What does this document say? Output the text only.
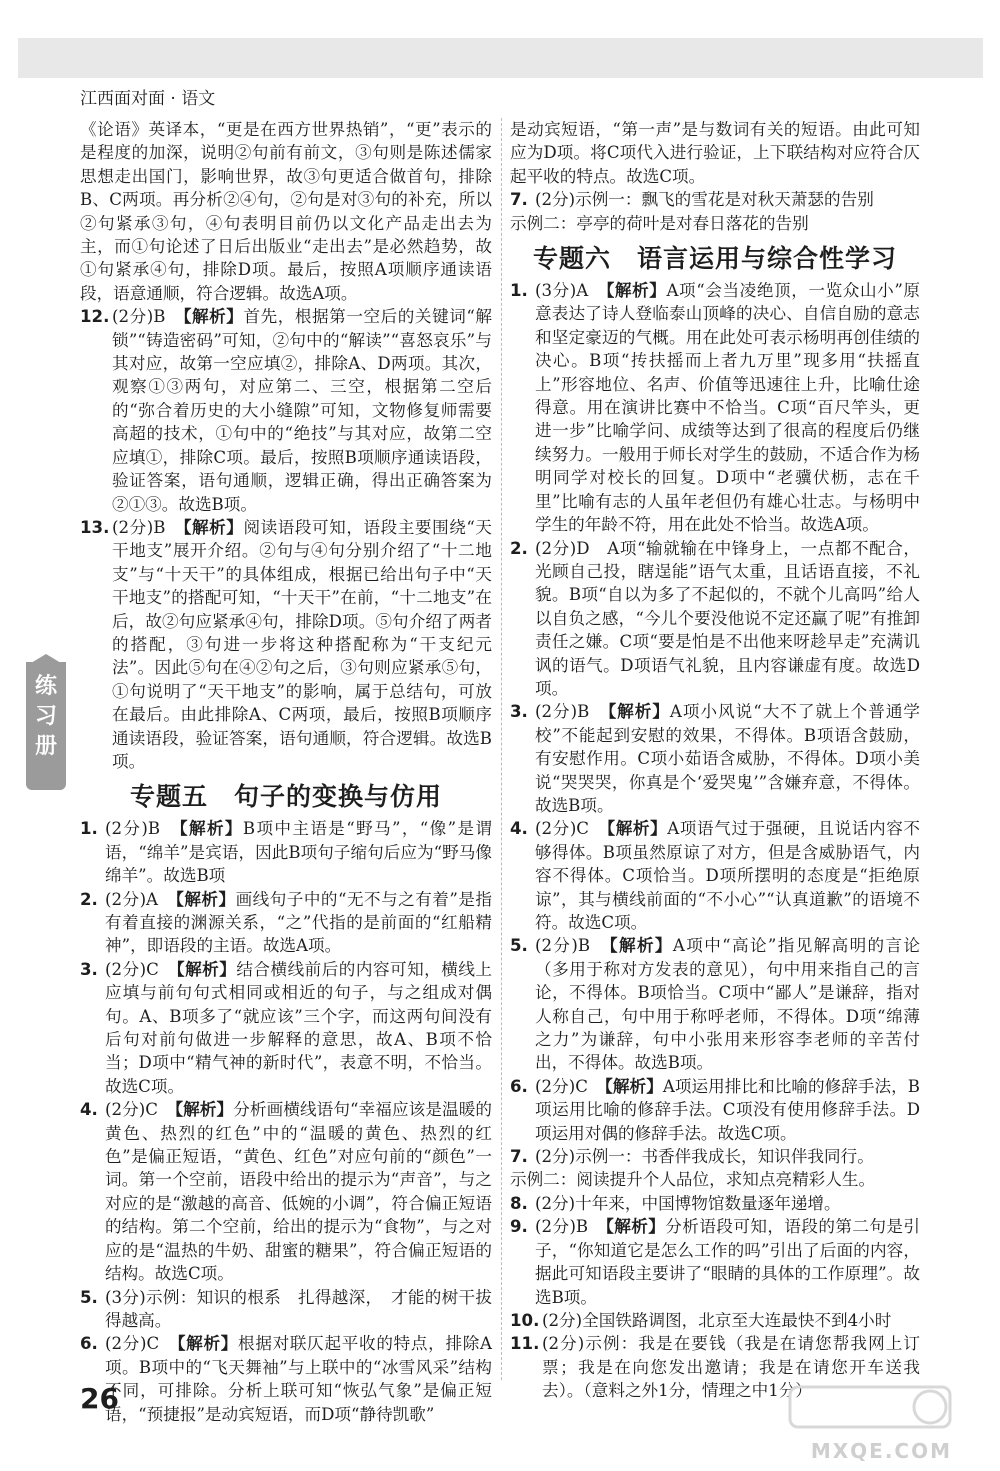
江西面对面 · 语文
练
习
册

《论语》英译本，“更是在西方世界热销”，“更”表示的是程度的加深，说明②句前有前文，③句则是陈述儒家思想走出国门，影响世界，故③句更适合做首句，排除B、C两项。再分析②④句，②句是对③句的补充，所以②句紧承③句，④句表明目前仍以文化产品走出去为主，而①句论述了日后出版业“走出去”是必然趋势，故①句紧承④句，排除D项。最后，按照A项顺序通读语段，语意通顺，符合逻辑。故选A项。

12. (2分)B　 【解析】首先，根据第一空后的关键词“解锁”“铸造密码”可知，②句中的“解读”“喜怒哀乐”与其对应，故第一空应填②，排除A、D两项。其次，观察①③两句，对应第二、三空，根据第二空后的“弥合着历史的大小缝隙”可知，文物修复师需要高超的技术，①句中的“绝技”与其对应，故第二空应填①，排除C项。最后，按照B项顺序通读语段，验证答案，语句通顺，逻辑正确，得出正确答案为②①③。故选B项。
13. (2分)B　 【解析】阅读语段可知，语段主要围绕“天干地支”展开介绍。②句与④句分别介绍了“十二地支”与“十天干”的具体组成，根据已给出句子中“天干地支”的搭配可知，“十天干”在前，“十二地支”在后，故②句应紧承④句，排除D项。⑤句介绍了两者的搭配，③句进一步将这种搭配称为“干支纪元法”。因此⑤句在④②句之后，③句则应紧承⑤句，①句说明了“天干地支”的影响，属于总结句，可放在最后。由此排除A、C两项，最后，按照B项顺序通读语段，验证答案，语句通顺，符合逻辑。故选B项。
专题五　句子的变换与仿用
1. (2分)B　 【解析】B项中主语是“野马”，“像”是谓语，“绵羊”是宾语，因此B项句子缩句后应为“野马像绵羊”。故选B项
2. (2分)A　 【解析】画线句子中的“无不与之有着”是指有着直接的渊源关系，“之”代指的是前面的“红船精神”，即语段的主语。故选A项。
3. (2分)C　 【解析】结合横线前后的内容可知，横线上应填与前句句式相同或相近的句子，与之组成对偶句。A、B项多了“就应该”三个字，而这两句间没有后句对前句做进一步解释的意思，故A、B项不恰当；D项中“精气神的新时代”，表意不明，不恰当。故选C项。
4. (2分)C　 【解析】分析画横线语句“幸福应该是温暖的黄色、热烈的红色”中的“温暖的黄色、热烈的红色”是偏正短语，“黄色、红色”对应句前的“颜色”一词。第一个空前，语段中给出的提示为“声音”，与之对应的是“激越的高音、低婉的小调”，符合偏正短语的结构。第二个空前，给出的提示为“食物”，与之对应的是“温热的牛奶、甜蜜的糖果”，符合偏正短语的结构。故选C项。
5. (3分)示例：知识的根系　扎得越深，　才能的树干拔得越高。
6. (2分)C　 【解析】根据对联仄起平收的特点，排除A项。B项中的“飞天舞袖”与上联中的“冰雪风采”结构不同，可排除。分析上联可知“恢弘气象”是偏正短语，“预捷报”是动宾短语，而D项“静待凯歌”

是动宾短语，“第一声”是与数词有关的短语。由此可知应为D项。将C项代入进行验证，上下联结构对应符合仄起平收的特点。故选C项。

7. (2分)示例一：飘飞的雪花是对秋天萧瑟的告别

示例二：亭亭的荷叶是对春日落花的告别

专题六　语言运用与综合性学习
1. (3分)A　 【解析】A项“会当凌绝顶，一览众山小”原意表达了诗人登临泰山顶峰的决心、自信自励的意志和坚定豪迈的气概。用在此处可表示杨明再创佳绩的决心。B项“抟扶摇而上者九万里”现多用“扶摇直上”形容地位、名声、价值等迅速往上升，比喻仕途得意。用在演讲比赛中不恰当。C项“百尺竿头，更进一步”比喻学问、成绩等达到了很高的程度后仍继续努力。一般用于师长对学生的鼓励，不适合作为杨明同学对校长的回复。D项中“老骥伏枥，志在千里”比喻有志的人虽年老但仍有雄心壮志。与杨明中学生的年龄不符，用在此处不恰当。故选A项。
2. (2分)D　 A项“输就输在中锋身上，一点都不配合，光顾自己投，瞎逞能”语气太重，且话语直接，不礼貌。B项“自以为多了不起似的，不就个儿高吗”给人以自负之感，“今儿个要没他说不定还赢了呢”有推卸责任之嫌。C项“要是怕是不出他来呀趁早走”充满讥讽的语气。D项语气礼貌，且内容谦虚有度。故选D项。
3. (2分)B　 【解析】A项小风说“大不了就上个普通学校”不能起到安慰的效果，不得体。B项语含鼓励，有安慰作用。C项小茹语含威胁，不得体。D项小美说“哭哭哭，你真是个‘爱哭鬼’”含嫌弃意，不得体。故选B项。
4. (2分)C　 【解析】A项语气过于强硬，且说话内容不够得体。B项虽然原谅了对方，但是含威胁语气，内容不得体。C项恰当。D项所摆明的态度是“拒绝原谅”，其与横线前面的“不小心”“认真道歉”的语境不符。故选C项。
5. (2分)B　 【解析】A项中“高论”指见解高明的言论（多用于称对方发表的意见），句中用来指自己的言论，不得体。B项恰当。C项中“鄙人”是谦辞，指对人称自己，句中用于称呼老师，不得体。D项“绵薄之力”为谦辞，句中小张用来形容李老师的辛苦付出，不得体。故选B项。
6. (2分)C　 【解析】A项运用排比和比喻的修辞手法，B项运用比喻的修辞手法。C项没有使用修辞手法。D项运用对偶的修辞手法。故选C项。
7. (2分)示例一：书香伴我成长，知识伴我同行。

示例二：阅读提升个人品位，求知点亮精彩人生。

8. (2分)十年来，中国博物馆数量逐年递增。
9. (2分)B　 【解析】分析语段可知，语段的第二句是引子，“你知道它是怎么工作的吗”引出了后面的内容，据此可知语段主要讲了“眼睛的具体的工作原理”。故选B项。
10. (2分)全国铁路调图，北京至大连最快不到4小时
11. (2分)示例：我是在要钱（我是在请您帮我网上订票；我是在向您发出邀请；我是在请您开车送我去）。（意料之外1分，情理之中1分）
26
MXQE.COM
